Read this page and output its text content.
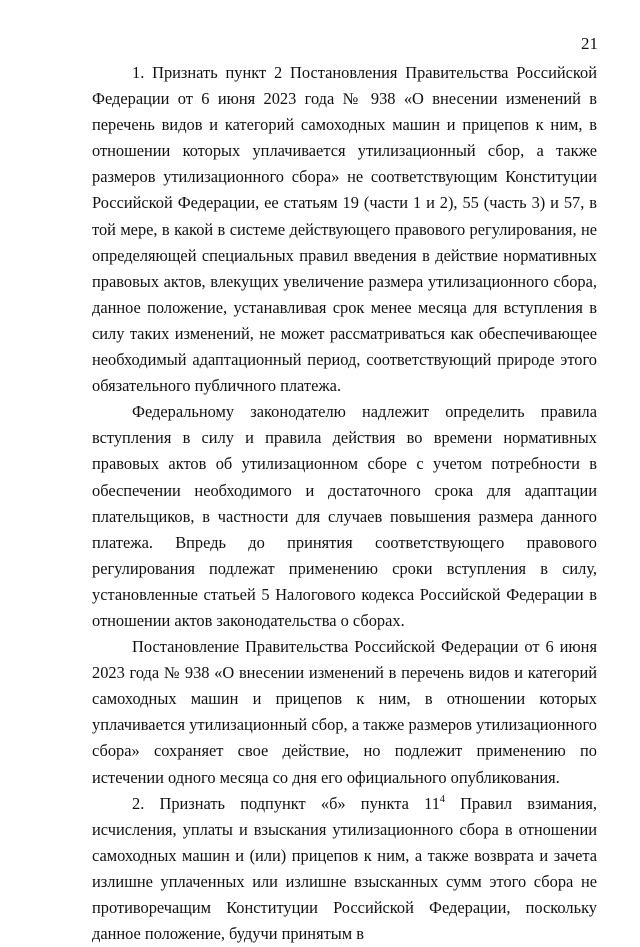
21

1. Признать пункт 2 Постановления Правительства Российской Федерации от 6 июня 2023 года № 938 «О внесении изменений в перечень видов и категорий самоходных машин и прицепов к ним, в отношении которых уплачивается утилизационный сбор, а также размеров утилизационного сбора» не соответствующим Конституции Российской Федерации, ее статьям 19 (части 1 и 2), 55 (часть 3) и 57, в той мере, в какой в системе действующего правового регулирования, не определяющей специальных правил введения в действие нормативных правовых актов, влекущих увеличение размера утилизационного сбора, данное положение, устанавливая срок менее месяца для вступления в силу таких изменений, не может рассматриваться как обеспечивающее необходимый адаптационный период, соответствующий природе этого обязательного публичного платежа.

Федеральному законодателю надлежит определить правила вступления в силу и правила действия во времени нормативных правовых актов об утилизационном сборе с учетом потребности в обеспечении необходимого и достаточного срока для адаптации плательщиков, в частности для случаев повышения размера данного платежа. Впредь до принятия соответствующего правового регулирования подлежат применению сроки вступления в силу, установленные статьей 5 Налогового кодекса Российской Федерации в отношении актов законодательства о сборах.

Постановление Правительства Российской Федерации от 6 июня 2023 года № 938 «О внесении изменений в перечень видов и категорий самоходных машин и прицепов к ним, в отношении которых уплачивается утилизационный сбор, а также размеров утилизационного сбора» сохраняет свое действие, но подлежит применению по истечении одного месяца со дня его официального опубликования.

2. Признать подпункт «б» пункта $11^4$ Правил взимания, исчисления, уплаты и взыскания утилизационного сбора в отношении самоходных машин и (или) прицепов к ним, а также возврата и зачета излишне уплаченных или излишне взысканных сумм этого сбора не противоречащим Конституции Российской Федерации, поскольку данное положение, будучи принятым в
